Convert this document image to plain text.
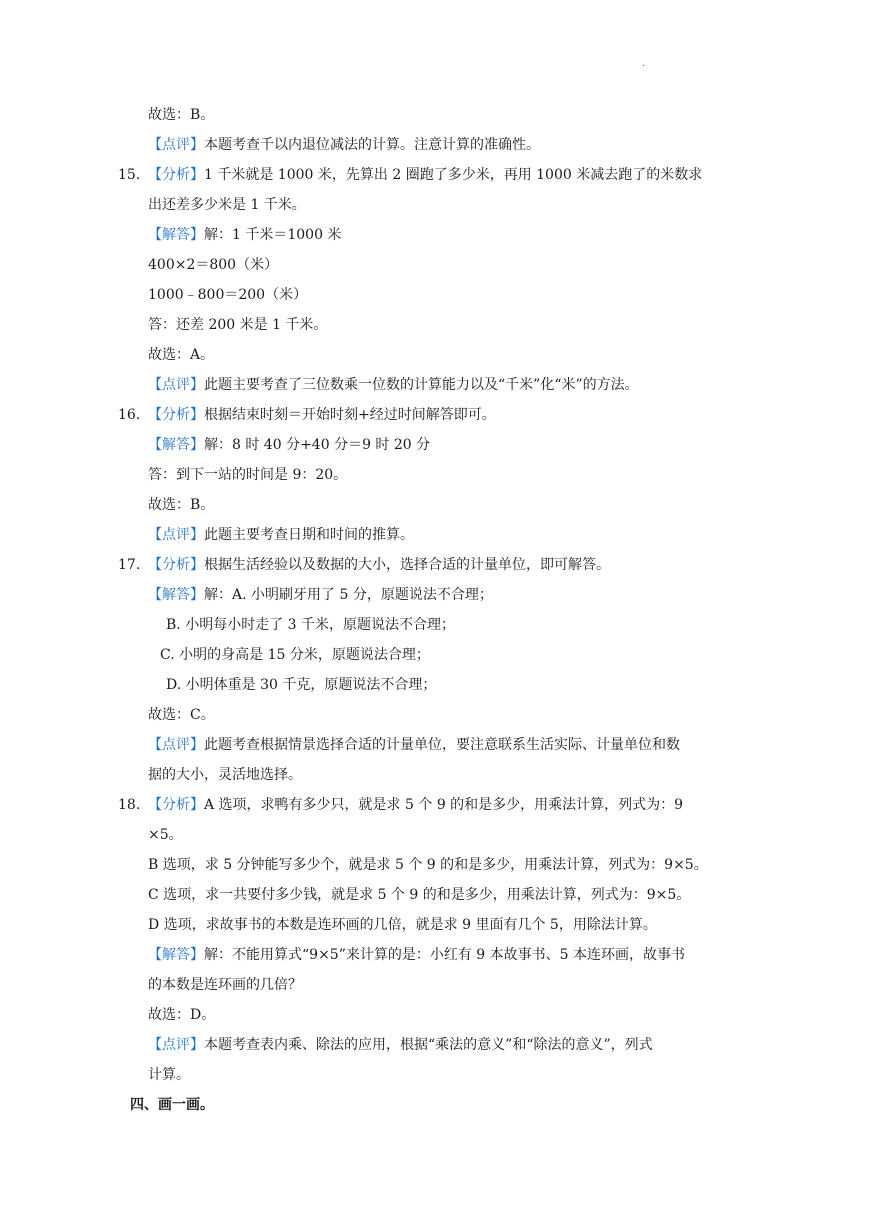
.
故选：B。
【点评】本题考查千以内退位减法的计算。注意计算的准确性。
15. 【分析】1 千米就是 1000 米，先算出 2 圈跑了多少米，再用 1000 米减去跑了的米数求
出还差多少米是 1 千米。
【解答】解：1 千米＝1000 米
400×2＝800（米）
1000﹣800＝200（米）
答：还差 200 米是 1 千米。
故选：A。
【点评】此题主要考查了三位数乘一位数的计算能力以及“千米”化“米”的方法。
16. 【分析】根据结束时刻＝开始时刻+经过时间解答即可。
【解答】解：8 时 40 分+40 分＝9 时 20 分
答：到下一站的时间是 9：20。
故选：B。
【点评】此题主要考查日期和时间的推算。
17. 【分析】根据生活经验以及数据的大小，选择合适的计量单位，即可解答。
【解答】解：A. 小明刷牙用了 5 分，原题说法不合理；
B. 小明每小时走了 3 千米，原题说法不合理；
C. 小明的身高是 15 分米，原题说法合理；
D. 小明体重是 30 千克，原题说法不合理；
故选：C。
【点评】此题考查根据情景选择合适的计量单位，要注意联系生活实际、计量单位和数
据的大小，灵活地选择。
18. 【分析】A 选项，求鸭有多少只，就是求 5 个 9 的和是多少，用乘法计算，列式为：9
×5。
B 选项，求 5 分钟能写多少个，就是求 5 个 9 的和是多少，用乘法计算，列式为：9×5。
C 选项，求一共要付多少钱，就是求 5 个 9 的和是多少，用乘法计算，列式为：9×5。
D 选项，求故事书的本数是连环画的几倍，就是求 9 里面有几个 5，用除法计算。
【解答】解：不能用算式“9×5”来计算的是：小红有 9 本故事书、5 本连环画，故事书
的本数是连环画的几倍？
故选：D。
【点评】本题考查表内乘、除法的应用，根据“乘法的意义”和“除法的意义”，列式
计算。
四、画一画。
